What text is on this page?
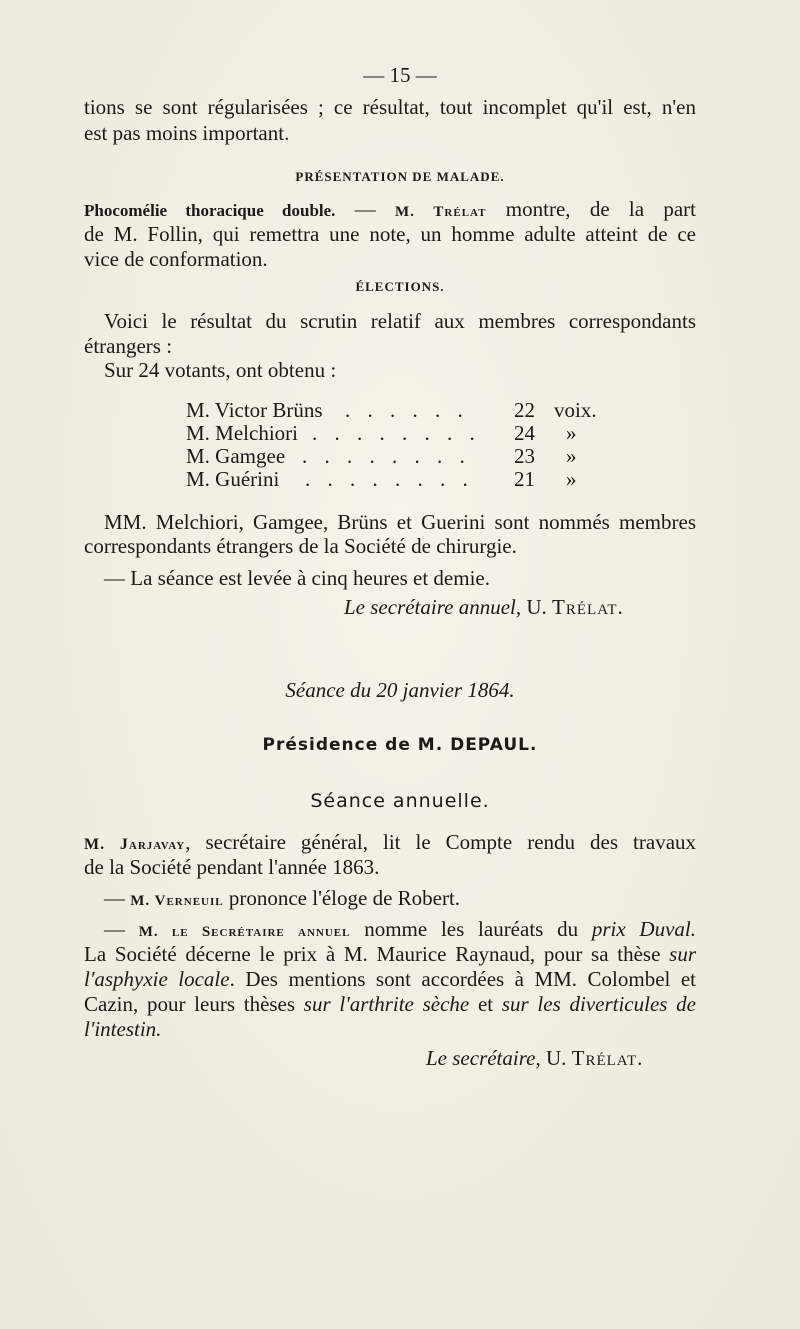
— 15 —
tions se sont régularisées ; ce résultat, tout incomplet qu'il est, n'en
est pas moins important.
PRÉSENTATION DE MALADE.
Phocomélie thoracique double. — M. Trélat montre, de la part
de M. Follin, qui remettra une note, un homme adulte atteint de ce
vice de conformation.
ÉLECTIONS.
Voici le résultat du scrutin relatif aux membres correspondants
étrangers :
Sur 24 votants, ont obtenu :
M. Victor Brüns . . . . . . 22 voix.
M. Melchiori . . . . . . . . 24 »
M. Gamgee . . . . . . . . 23 »
M. Guérini . . . . . . . . 21 »
MM. Melchiori, Gamgee, Brüns et Guerini sont nommés membres
correspondants étrangers de la Société de chirurgie.
— La séance est levée à cinq heures et demie.
Le secrétaire annuel, U. Trélat.
Séance du 20 janvier 1864.
Présidence de M. DEPAUL.
Séance annuelle.
M. Jarjavay, secrétaire général, lit le Compte rendu des travaux
de la Société pendant l'année 1863.
— M. Verneuil prononce l'éloge de Robert.
— M. le Secrétaire annuel nomme les lauréats du prix Duval.
La Société décerne le prix à M. Maurice Raynaud, pour sa thèse sur
l'asphyxie locale. Des mentions sont accordées à MM. Colombel et
Cazin, pour leurs thèses sur l'arthrite sèche et sur les diverticules de
l'intestin.
Le secrétaire, U. Trélat.
